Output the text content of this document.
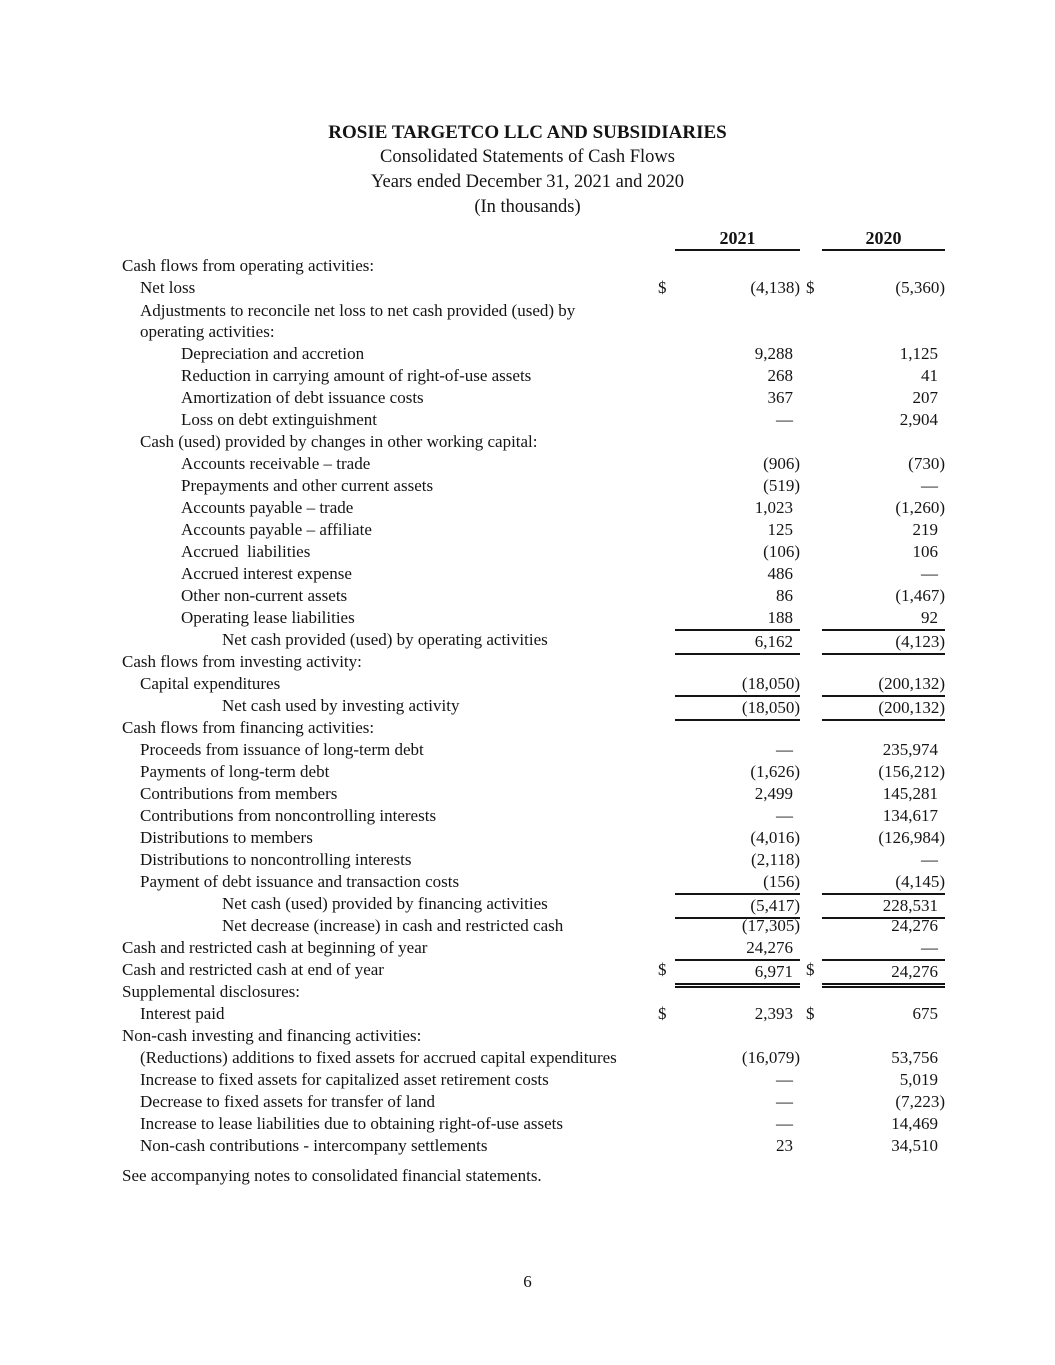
ROSIE TARGETCO LLC AND SUBSIDIARIES
Consolidated Statements of Cash Flows
Years ended December 31, 2021 and 2020
(In thousands)
2021	2020
Cash flows from operating activities:
Net loss	$	(4,138) $	(5,360)
Adjustments to reconcile net loss to net cash provided (used) by
operating activities:
Depreciation and accretion	9,288	1,125
Reduction in carrying amount of right-of-use assets	268	41
Amortization of debt issuance costs	367	207
Loss on debt extinguishment	—	2,904
Cash (used) provided by changes in other working capital:
Accounts receivable – trade	(906)	(730)
Prepayments and other current assets	(519)	—
Accounts payable – trade	1,023	(1,260)
Accounts payable – affiliate	125	219
Accrued  liabilities	(106)	106
Accrued interest expense	486	—
Other non-current assets	86	(1,467)
Operating lease liabilities	188	92
Net cash provided (used) by operating activities	6,162	(4,123)
Cash flows from investing activity:
Capital expenditures	(18,050)	(200,132)
Net cash used by investing activity	(18,050)	(200,132)
Cash flows from financing activities:
Proceeds from issuance of long-term debt	—	235,974
Payments of long-term debt	(1,626)	(156,212)
Contributions from members	2,499	145,281
Contributions from noncontrolling interests	—	134,617
Distributions to members	(4,016)	(126,984)
Distributions to noncontrolling interests	(2,118)	—
Payment of debt issuance and transaction costs	(156)	(4,145)
Net cash (used) provided by financing activities	(5,417)	228,531
Net decrease (increase) in cash and restricted cash	(17,305)	24,276
Cash and restricted cash at beginning of year	24,276	—
Cash and restricted cash at end of year	$	6,971 $	24,276
Supplemental disclosures:
Interest paid	$	2,393 $	675
Non-cash investing and financing activities:
(Reductions) additions to fixed assets for accrued capital expenditures	(16,079)	53,756
Increase to fixed assets for capitalized asset retirement costs	—	5,019
Decrease to fixed assets for transfer of land	—	(7,223)
Increase to lease liabilities due to obtaining right-of-use assets	—	14,469
Non-cash contributions - intercompany settlements	23	34,510
See accompanying notes to consolidated financial statements.
6
